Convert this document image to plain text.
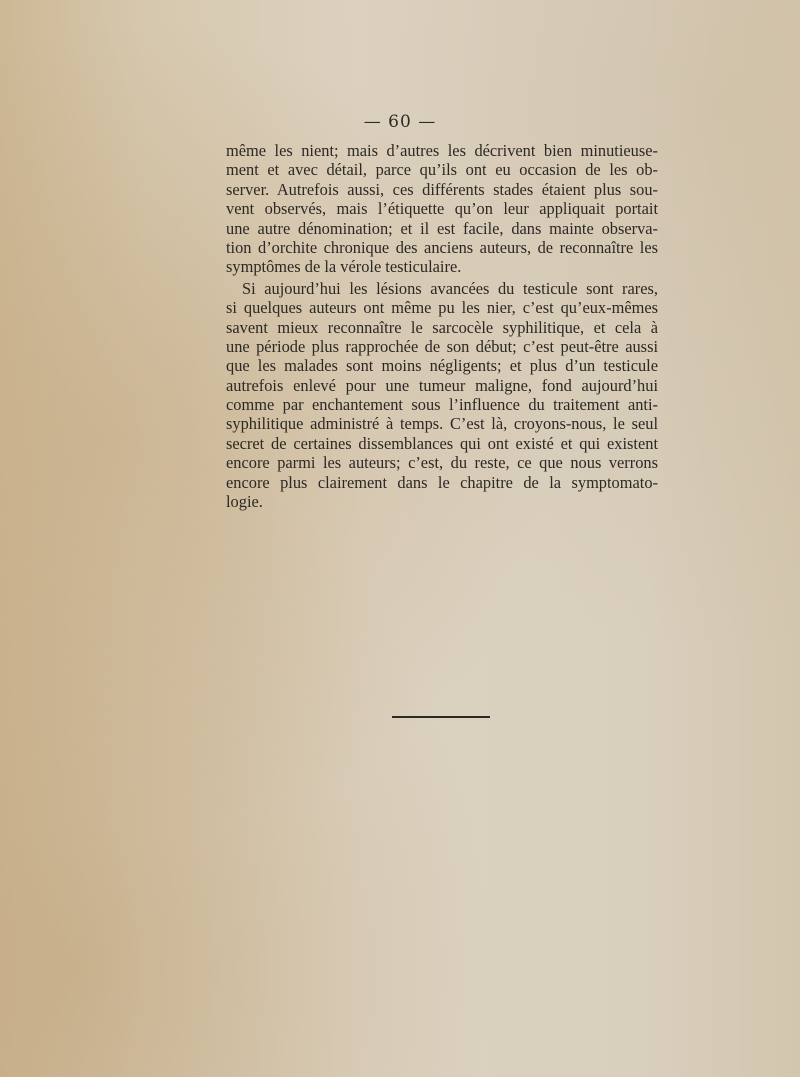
— 60 —
même les nient; mais d’autres les décrivent bien minutieuse-
ment et avec détail, parce qu’ils ont eu occasion de les ob-
server. Autrefois aussi, ces différents stades étaient plus sou-
vent observés, mais l’étiquette qu’on leur appliquait portait
une autre dénomination; et il est facile, dans mainte observa-
tion d’orchite chronique des anciens auteurs, de reconnaître les
symptômes de la vérole testiculaire.
Si aujourd’hui les lésions avancées du testicule sont rares,
si quelques auteurs ont même pu les nier, c’est qu’eux-mêmes
savent mieux reconnaître le sarcocèle syphilitique, et cela à
une période plus rapprochée de son début; c’est peut-être aussi
que les malades sont moins négligents; et plus d’un testicule
autrefois enlevé pour une tumeur maligne, fond aujourd’hui
comme par enchantement sous l’influence du traitement anti-
syphilitique administré à temps. C’est là, croyons-nous, le seul
secret de certaines dissemblances qui ont existé et qui existent
encore parmi les auteurs; c’est, du reste, ce que nous verrons
encore plus clairement dans le chapitre de la symptomato-
logie.
